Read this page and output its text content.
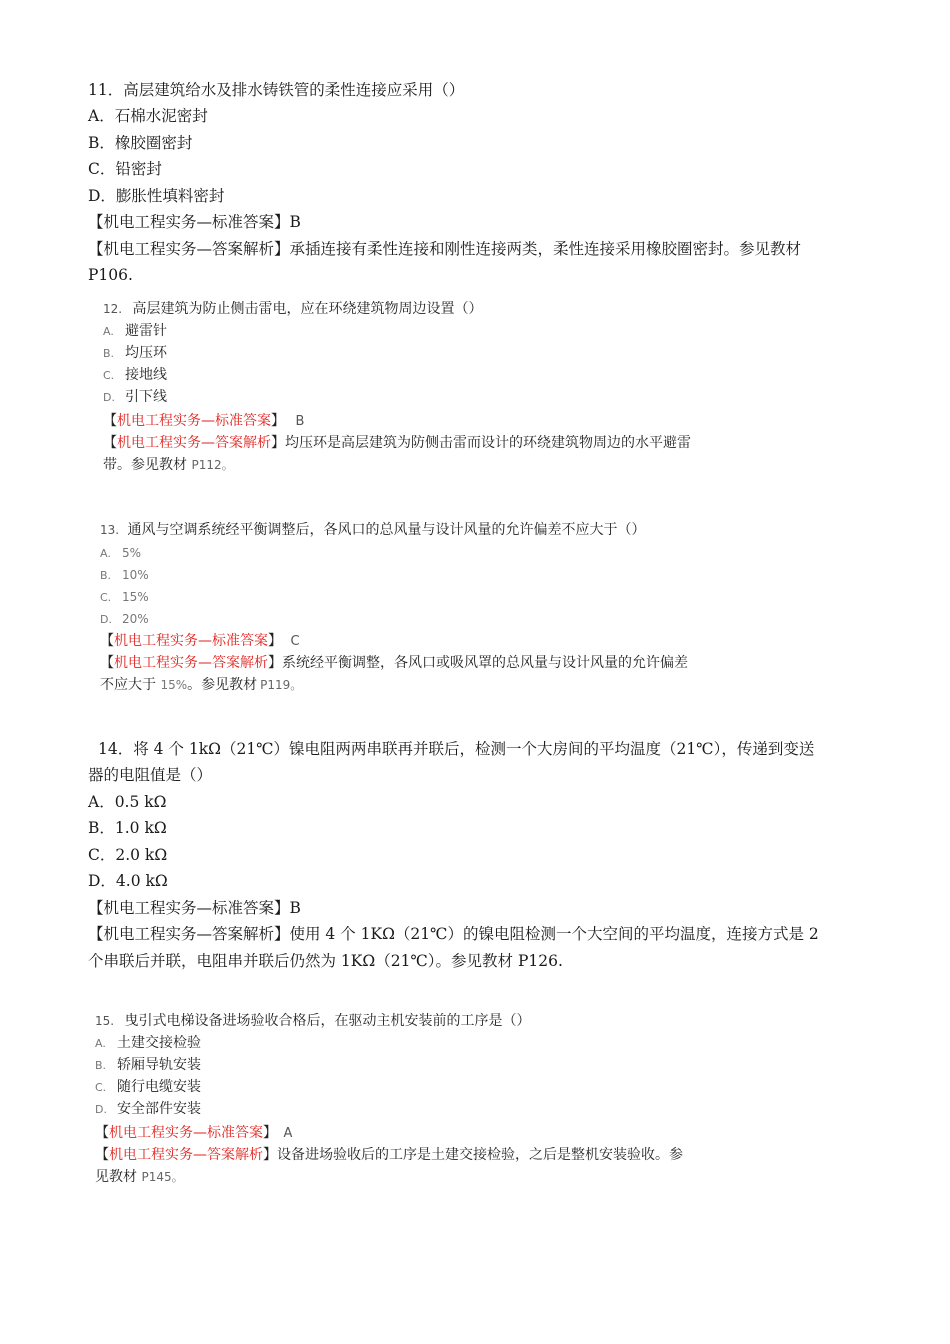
11．高层建筑给水及排水铸铁管的柔性连接应采用（）
A．石棉水泥密封
B．橡胶圈密封
C．铅密封
D．膨胀性填料密封
【机电工程实务—标准答案】B
【机电工程实务—答案解析】承插连接有柔性连接和刚性连接两类，柔性连接采用橡胶圈密封。参见教材
P106.
12. 高层建筑为防止侧击雷电，应在环绕建筑物周边设置（）
A. 避雷针
B. 均压环
C. 接地线
D. 引下线
【机电工程实务—标准答案】 B
【机电工程实务—答案解析】均压环是高层建筑为防侧击雷而设计的环绕建筑物周边的水平避雷
带。参见教材 P112。
13. 通风与空调系统经平衡调整后，各风口的总风量与设计风量的允许偏差不应大于（）
A. 5%
B. 10%
C. 15%
D. 20%
【机电工程实务—标准答案】 C
【机电工程实务—答案解析】系统经平衡调整，各风口或吸风罩的总风量与设计风量的允许偏差
不应大于 15%。参见教材 P119。
14．将 4 个 1kΩ（21℃）镍电阻两两串联再并联后，检测一个大房间的平均温度（21℃），传递到变送
器的电阻值是（）
A．0.5 kΩ
B．1.0 kΩ
C．2.0 kΩ
D．4.0 kΩ
【机电工程实务—标准答案】B
【机电工程实务—答案解析】使用 4 个 1KΩ（21℃）的镍电阻检测一个大空间的平均温度，连接方式是 2
个串联后并联，电阻串并联后仍然为 1KΩ（21℃）。参见教材 P126.
15. 曳引式电梯设备进场验收合格后，在驱动主机安装前的工序是（）
A. 土建交接检验
B. 轿厢导轨安装
C. 随行电缆安装
D. 安全部件安装
【机电工程实务—标准答案】 A
【机电工程实务—答案解析】设备进场验收后的工序是土建交接检验，之后是整机安装验收。参
见教材 P145。
